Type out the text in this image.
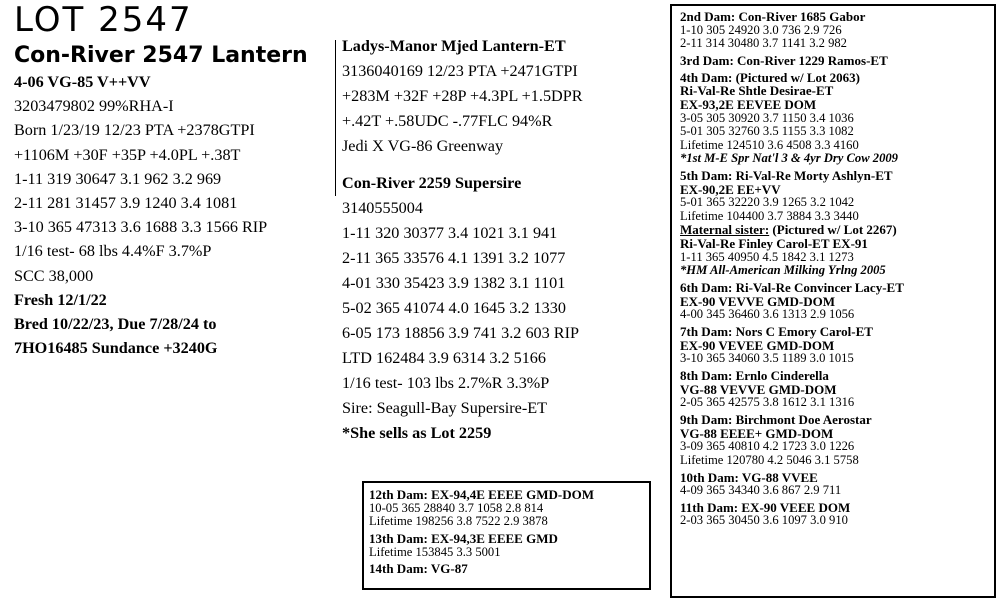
LOT 2547
Con-River 2547 Lantern
4-06 VG-85 V++VV
3203479802 99%RHA-I
Born 1/23/19 12/23 PTA +2378GTPI
+1106M +30F +35P +4.0PL +.38T
1-11 319 30647 3.1 962 3.2 969
2-11 281 31457 3.9 1240 3.4 1081
3-10 365 47313 3.6 1688 3.3 1566 RIP
1/16 test- 68 lbs 4.4%F 3.7%P
SCC 38,000
Fresh 12/1/22
Bred 10/22/23, Due 7/28/24 to
7HO16485 Sundance +3240G
Ladys-Manor Mjed Lantern-ET
3136040169 12/23 PTA +2471GTPI
+283M +32F +28P +4.3PL +1.5DPR
+.42T +.58UDC -.77FLC 94%R
Jedi X VG-86 Greenway
Con-River 2259 Supersire
3140555004
1-11 320 30377 3.4 1021 3.1 941
2-11 365 33576 4.1 1391 3.2 1077
4-01 330 35423 3.9 1382 3.1 1101
5-02 365 41074 4.0 1645 3.2 1330
6-05 173 18856 3.9 741 3.2 603 RIP
LTD 162484 3.9 6314 3.2 5166
1/16 test- 103 lbs 2.7%R 3.3%P
Sire: Seagull-Bay Supersire-ET
*She sells as Lot 2259
2nd Dam: Con-River 1685 Gabor
1-10 305 24920 3.0 736 2.9 726
2-11 314 30480 3.7 1141 3.2 982
3rd Dam: Con-River 1229 Ramos-ET
4th Dam: (Pictured w/ Lot 2063)
Ri-Val-Re Shtle Desirae-ET
EX-93,2E EEVEE DOM
3-05 305 30920 3.7 1150 3.4 1036
5-01 305 32760 3.5 1155 3.3 1082
Lifetime 124510 3.6 4508 3.3 4160
*1st M-E Spr Nat'l 3 & 4yr Dry Cow 2009
5th Dam: Ri-Val-Re Morty Ashlyn-ET
EX-90,2E EE+VV
5-01 365 32220 3.9 1265 3.2 1042
Lifetime 104400 3.7 3884 3.3 3440
Maternal sister: (Pictured w/ Lot 2267)
Ri-Val-Re Finley Carol-ET EX-91
1-11 365 40950 4.5 1842 3.1 1273
*HM All-American Milking Yrlng 2005
6th Dam: Ri-Val-Re Convincer Lacy-ET
EX-90 VEVVE GMD-DOM
4-00 345 36460 3.6 1313 2.9 1056
7th Dam: Nors C Emory Carol-ET
EX-90 VEVEE GMD-DOM
3-10 365 34060 3.5 1189 3.0 1015
8th Dam: Ernlo Cinderella
VG-88 VEVVE GMD-DOM
2-05 365 42575 3.8 1612 3.1 1316
9th Dam: Birchmont Doe Aerostar
VG-88 EEEE+ GMD-DOM
3-09 365 40810 4.2 1723 3.0 1226
Lifetime 120780 4.2 5046 3.1 5758
10th Dam: VG-88 VVEE
4-09 365 34340 3.6 867 2.9 711
11th Dam: EX-90 VEEE DOM
2-03 365 30450 3.6 1097 3.0 910
12th Dam: EX-94,4E EEEE GMD-DOM
10-05 365 28840 3.7 1058 2.8 814
Lifetime 198256 3.8 7522 2.9 3878
13th Dam: EX-94,3E EEEE GMD
Lifetime 153845 3.3 5001
14th Dam: VG-87
